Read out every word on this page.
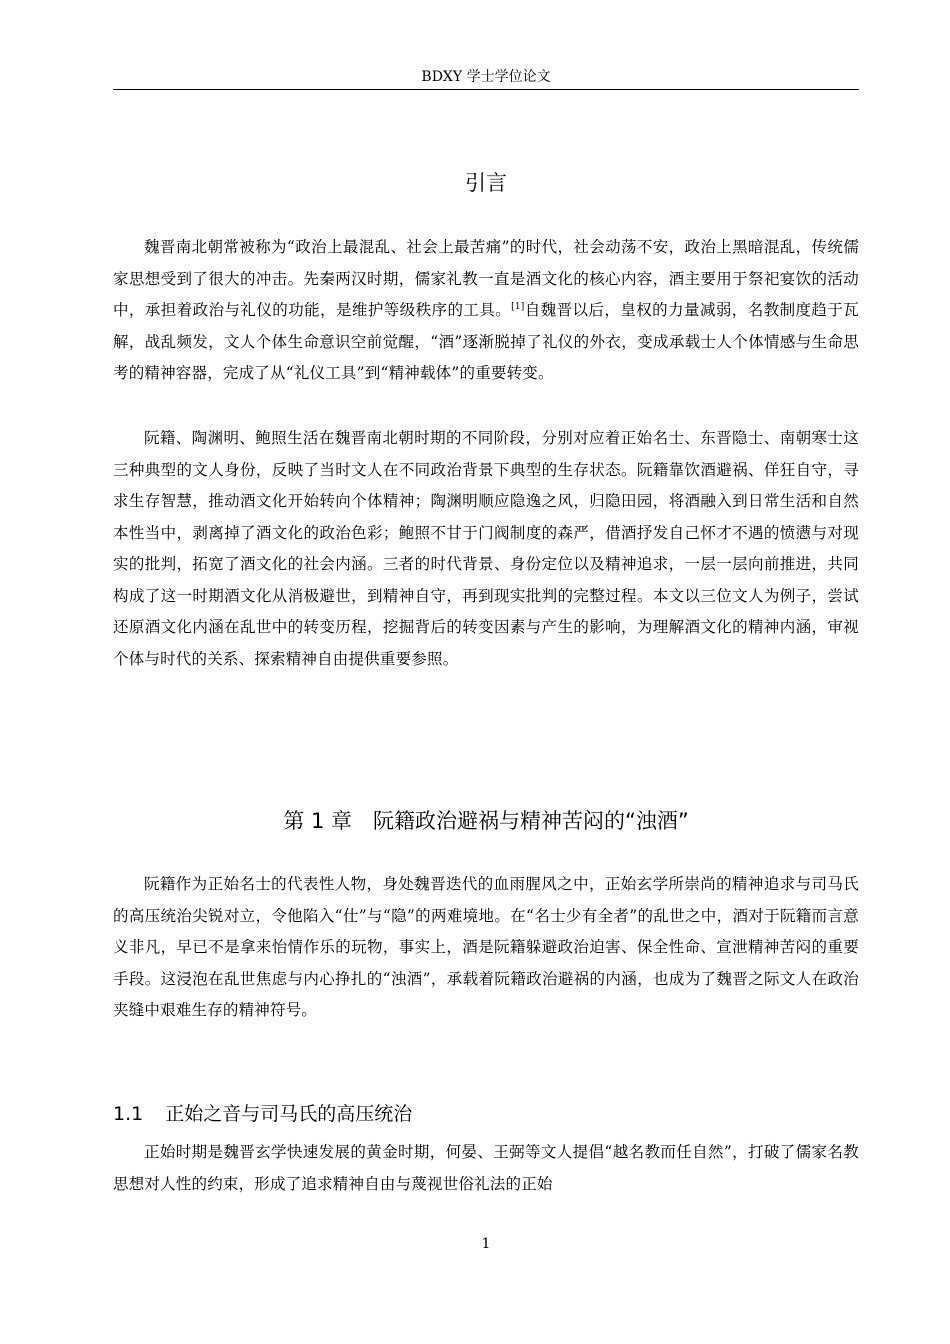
BDXY 学士学位论文
引言

魏晋南北朝常被称为“政治上最混乱、社会上最苦痛”的时代，社会动荡不安，政治上黑暗混乱，传统儒家思想受到了很大的冲击。先秦两汉时期，儒家礼教一直是酒文化的核心内容，酒主要用于祭祀宴饮的活动中，承担着政治与礼仪的功能，是维护等级秩序的工具。[1]自魏晋以后，皇权的力量减弱，名教制度趋于瓦解，战乱频发，文人个体生命意识空前觉醒，“酒”逐渐脱掉了礼仪的外衣，变成承载士人个体情感与生命思考的精神容器，完成了从“礼仪工具”到“精神载体”的重要转变。

阮籍、陶渊明、鲍照生活在魏晋南北朝时期的不同阶段，分别对应着正始名士、东晋隐士、南朝寒士这三种典型的文人身份，反映了当时文人在不同政治背景下典型的生存状态。阮籍靠饮酒避祸、佯狂自守，寻求生存智慧，推动酒文化开始转向个体精神；陶渊明顺应隐逸之风，归隐田园，将酒融入到日常生活和自然本性当中，剥离掉了酒文化的政治色彩；鲍照不甘于门阀制度的森严，借酒抒发自己怀才不遇的愤懑与对现实的批判，拓宽了酒文化的社会内涵。三者的时代背景、身份定位以及精神追求，一层一层向前推进，共同构成了这一时期酒文化从消极避世，到精神自守，再到现实批判的完整过程。本文以三位文人为例子，尝试还原酒文化内涵在乱世中的转变历程，挖掘背后的转变因素与产生的影响，为理解酒文化的精神内涵，审视个体与时代的关系、探索精神自由提供重要参照。

第 1 章　阮籍政治避祸与精神苦闷的“浊酒”

阮籍作为正始名士的代表性人物，身处魏晋迭代的血雨腥风之中，正始玄学所崇尚的精神追求与司马氏的高压统治尖锐对立，令他陷入“仕”与“隐”的两难境地。在“名士少有全者”的乱世之中，酒对于阮籍而言意义非凡，早已不是拿来怡情作乐的玩物，事实上，酒是阮籍躲避政治迫害、保全性命、宣泄精神苦闷的重要手段。这浸泡在乱世焦虑与内心挣扎的“浊酒”，承载着阮籍政治避祸的内涵，也成为了魏晋之际文人在政治夹缝中艰难生存的精神符号。

1.1 正始之音与司马氏的高压统治

正始时期是魏晋玄学快速发展的黄金时期，何晏、王弼等文人提倡“越名教而任自然”，打破了儒家名教思想对人性的约束，形成了追求精神自由与蔑视世俗礼法的正始

1
